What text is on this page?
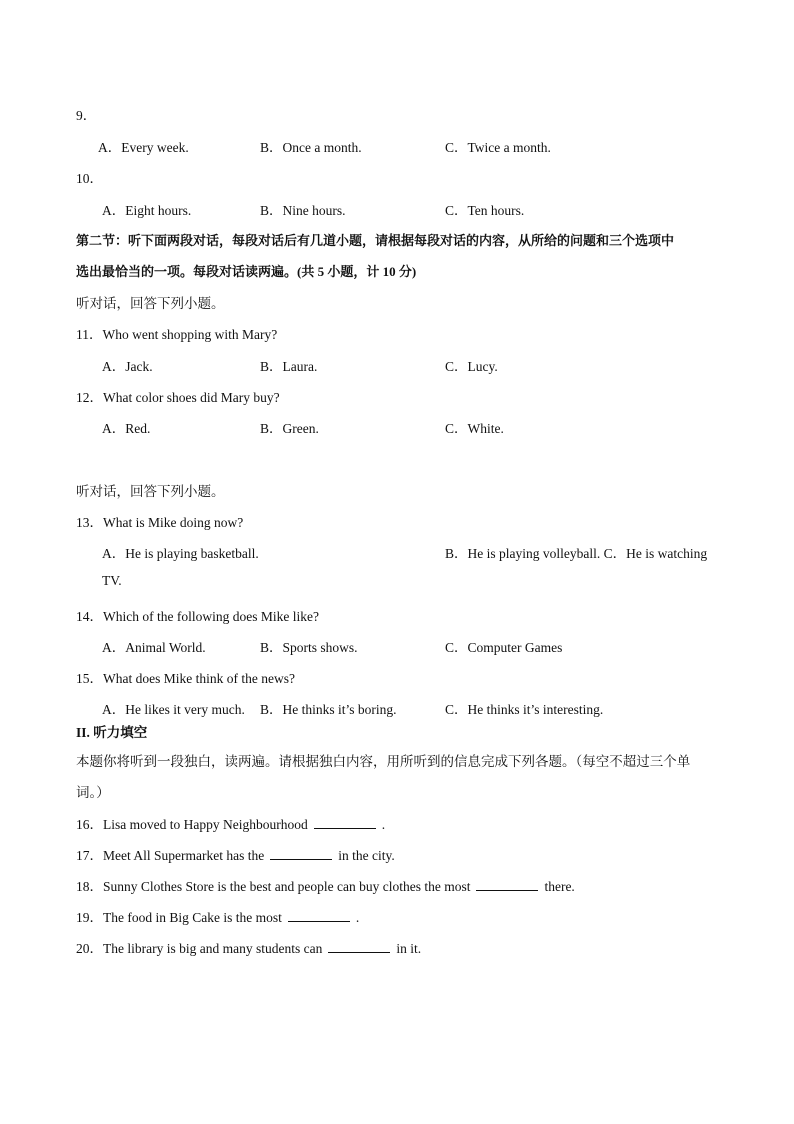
9．
A．Every week.	B．Once a month.	C．Twice a month.
10．
A．Eight hours.	B．Nine hours.	C．Ten hours.
第二节：听下面两段对话，每段对话后有几道小题，请根据每段对话的内容，从所给的问题和三个选项中
选出最恰当的一项。每段对话读两遍。(共 5 小题，计 10 分)
听对话，回答下列小题。
11．Who went shopping with Mary?
A．Jack.	B．Laura.	C．Lucy.
12．What color shoes did Mary buy?
A．Red.	B．Green.	C．White.
听对话，回答下列小题。
13．What is Mike doing now?
A．He is playing basketball.	B．He is playing volleyball. C．He is watching
TV.
14．Which of the following does Mike like?
A．Animal World.	B．Sports shows.	C．Computer Games
15．What does Mike think of the news?
A．He likes it very much. B．He thinks it’s boring.	C．He thinks it’s interesting.
II. 听力填空
本题你将听到一段独白，读两遍。请根据独白内容，用所听到的信息完成下列各题。（每空不超过三个单
词。）
16．Lisa moved to Happy Neighbourhood	.
17．Meet All Supermarket has the	in the city.
18．Sunny Clothes Store is the best and people can buy clothes the most	there.
19．The food in Big Cake is the most	.
20．The library is big and many students can	in it.
